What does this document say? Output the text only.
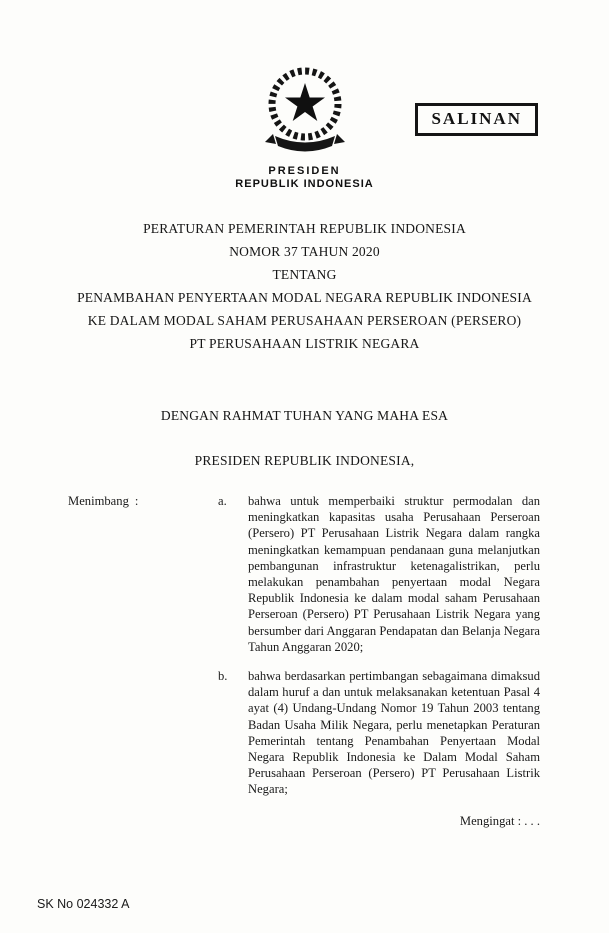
SALINAN
PRESIDEN
REPUBLIK INDONESIA
PERATURAN PEMERINTAH REPUBLIK INDONESIA
NOMOR 37 TAHUN 2020
TENTANG
PENAMBAHAN PENYERTAAN MODAL NEGARA REPUBLIK INDONESIA
KE DALAM MODAL SAHAM PERUSAHAAN PERSEROAN (PERSERO)
PT PERUSAHAAN LISTRIK NEGARA
DENGAN RAHMAT TUHAN YANG MAHA ESA
PRESIDEN REPUBLIK INDONESIA,
Menimbang :	a.	bahwa untuk memperbaiki struktur permodalan dan meningkatkan kapasitas usaha Perusahaan Perseroan (Persero) PT Perusahaan Listrik Negara dalam rangka meningkatkan kemampuan pendanaan guna melanjutkan pembangunan infrastruktur ketenagalistrikan, perlu melakukan penambahan penyertaan modal Negara Republik Indonesia ke dalam modal saham Perusahaan Perseroan (Persero) PT Perusahaan Listrik Negara yang bersumber dari Anggaran Pendapatan dan Belanja Negara Tahun Anggaran 2020;
b.	bahwa berdasarkan pertimbangan sebagaimana dimaksud dalam huruf a dan untuk melaksanakan ketentuan Pasal 4 ayat (4) Undang-Undang Nomor 19 Tahun 2003 tentang Badan Usaha Milik Negara, perlu menetapkan Peraturan Pemerintah tentang Penambahan Penyertaan Modal Negara Republik Indonesia ke Dalam Modal Saham Perusahaan Perseroan (Persero) PT Perusahaan Listrik Negara;
Mengingat : . . .
SK No 024332 A
